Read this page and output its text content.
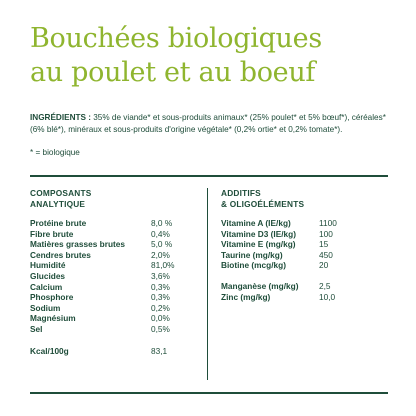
Bouchées biologiques
au poulet et au boeuf
INGRÉDIENTS : 35% de viande* et sous-produits animaux* (25% poulet* et 5% bœuf*), céréales* (6% blé*), minéraux et sous-produits d'origine végétale* (0,2% ortie* et 0,2% tomate*).
* = biologique
COMPOSANTS
ANALYTIQUE
ADDITIFS
& OLIGOÉLÉMENTS
Protéine brute	8,0 %
Fibre brute	0,4%
Matières grasses brutes	5,0 %
Cendres brutes	2,0%
Humidité	81,0%
Glucides	3,6%
Calcium	0,3%
Phosphore	0,3%
Sodium	0,2%
Magnésium	0,0%
Sel	0,5%
Vitamine A (IE/kg)	1100
Vitamine D3 (IE/kg)	100
Vitamine E (mg/kg)	15
Taurine (mg/kg)	450
Biotine (mcg/kg)	20
Manganèse (mg/kg) 2,5
Zinc (mg/kg)	10,0
Kcal/100g	83,1
